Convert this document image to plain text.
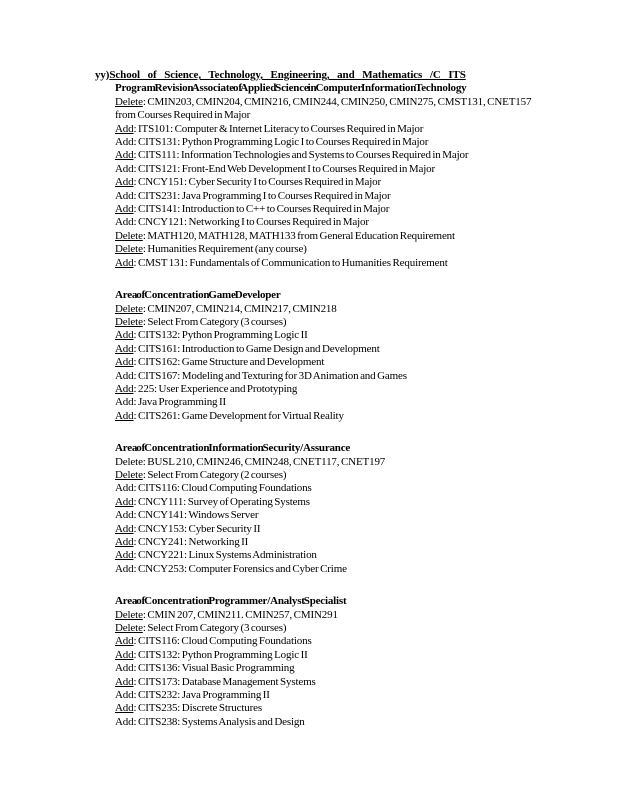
yy)School of Science, Technology, Engineering, and Mathematics /C ITS
Program Revision Associate of Applied Science in Computer Information Technology
Delete: CMIN203, CMIN204, CMIN216, CMIN244, CMIN250, CMIN275, CMST131, CNET157
from Courses Required in Major
Add: ITS101: Computer & Internet Literacy to Courses Required in Major
Add: CITS131: Python Programming Logic I to Courses Required in Major
Add: CITS111: Information Technologies and Systems to Courses Required in Major
Add: CITS121: Front-End Web Development I to Courses Required in Major
Add: CNCY151: Cyber Security I to Courses Required in Major
Add: CITS231: Java Programming I to Courses Required in Major
Add: CITS141: Introduction to C++ to Courses Required in Major
Add: CNCY121: Networking I to Courses Required in Major
Delete: MATH120, MATH128, MATH133 from General Education Requirement
Delete: Humanities Requirement (any course)
Add: CMST 131: Fundamentals of Communication to Humanities Requirement
Area of Concentration Game Developer
Delete: CMIN207, CMIN214, CMIN217, CMIN218
Delete: Select From Category (3 courses)
Add: CITS132: Python Programming Logic II
Add: CITS161: Introduction to Game Design and Development
Add: CITS162: Game Structure and Development
Add: CITS167: Modeling and Texturing for 3D Animation and Games
Add: 225: User Experience and Prototyping
Add: Java Programming II
Add: CITS261: Game Development for Virtual Reality
Area of Concentration Information Security/Assurance
Delete: BUSL 210, CMIN246, CMIN248, CNET117, CNET197
Delete: Select From Category (2 courses)
Add: CITS116: Cloud Computing Foundations
Add: CNCY111: Survey of Operating Systems
Add: CNCY141: Windows Server
Add: CNCY153: Cyber Security II
Add: CNCY241: Networking II
Add: CNCY221: Linux Systems Administration
Add: CNCY253: Computer Forensics and Cyber Crime
Area of Concentration Programmer/Analyst Specialist
Delete: CMIN 207, CMIN211. CMIN257, CMIN291
Delete: Select From Category (3 courses)
Add: CITS116: Cloud Computing Foundations
Add: CITS132: Python Programming Logic II
Add: CITS136: Visual Basic Programming
Add: CITS173: Database Management Systems
Add: CITS232: Java Programming II
Add: CITS235: Discrete Structures
Add: CITS238: Systems Analysis and Design
